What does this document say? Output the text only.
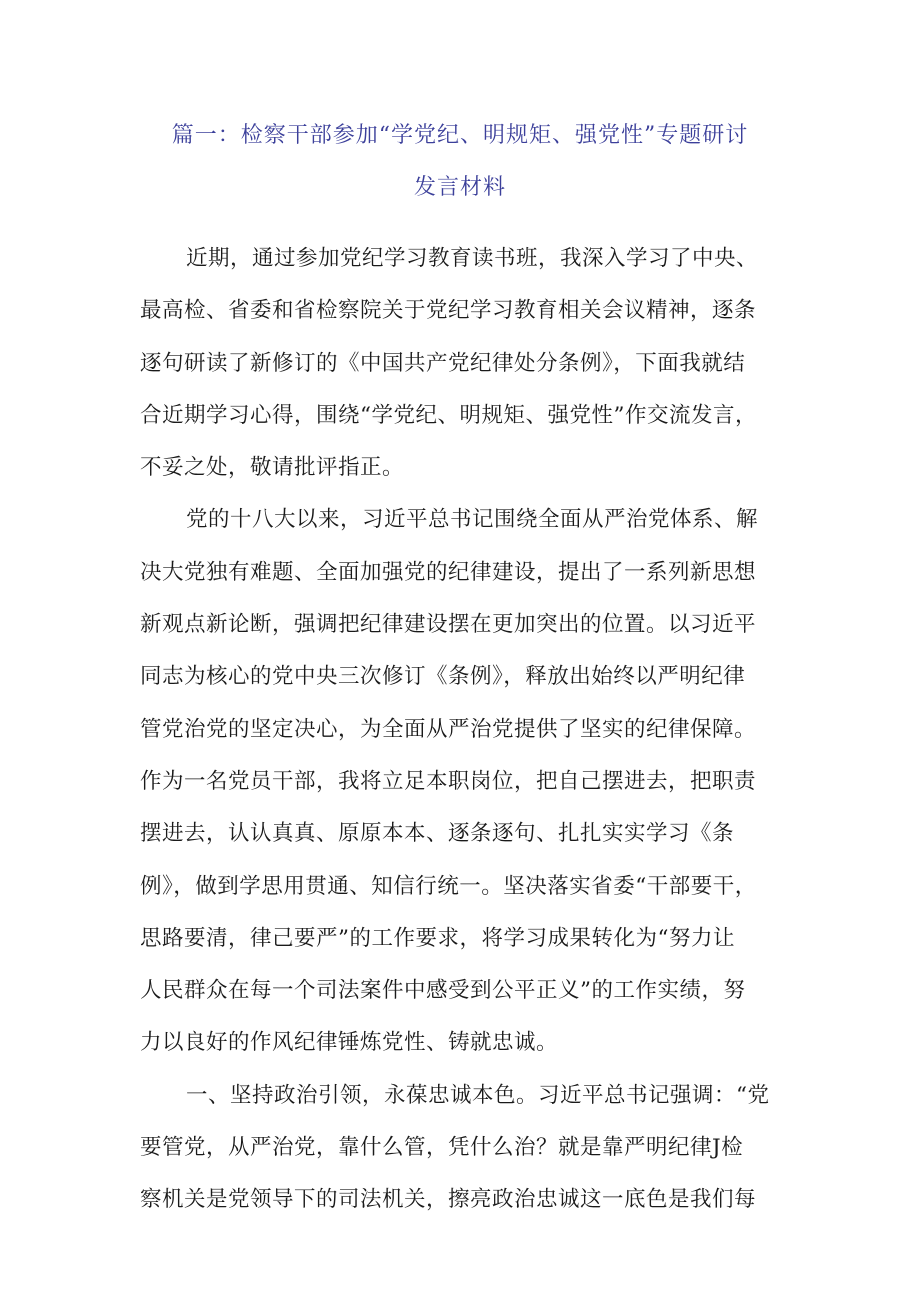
篇一：检察干部参加“学党纪、明规矩、强党性”专题研讨
发言材料
近期，通过参加党纪学习教育读书班，我深入学习了中央、
最高检、省委和省检察院关于党纪学习教育相关会议精神，逐条
逐句研读了新修订的《中国共产党纪律处分条例》，下面我就结
合近期学习心得，围绕“学党纪、明规矩、强党性”作交流发言，
不妥之处，敬请批评指正。
党的十八大以来，习近平总书记围绕全面从严治党体系、解
决大党独有难题、全面加强党的纪律建设，提出了一系列新思想
新观点新论断，强调把纪律建设摆在更加突出的位置。以习近平
同志为核心的党中央三次修订《条例》，释放出始终以严明纪律
管党治党的坚定决心，为全面从严治党提供了坚实的纪律保障。
作为一名党员干部，我将立足本职岗位，把自己摆进去，把职责
摆进去，认认真真、原原本本、逐条逐句、扎扎实实学习《条
例》，做到学思用贯通、知信行统一。坚决落实省委“干部要干，
思路要清，律己要严”的工作要求，将学习成果转化为“努力让
人民群众在每一个司法案件中感受到公平正义”的工作实绩，努
力以良好的作风纪律锤炼党性、铸就忠诚。
一、坚持政治引领，永葆忠诚本色。习近平总书记强调：“党
要管党，从严治党，靠什么管，凭什么治？就是靠严明纪律J检
察机关是党领导下的司法机关，擦亮政治忠诚这一底色是我们每
